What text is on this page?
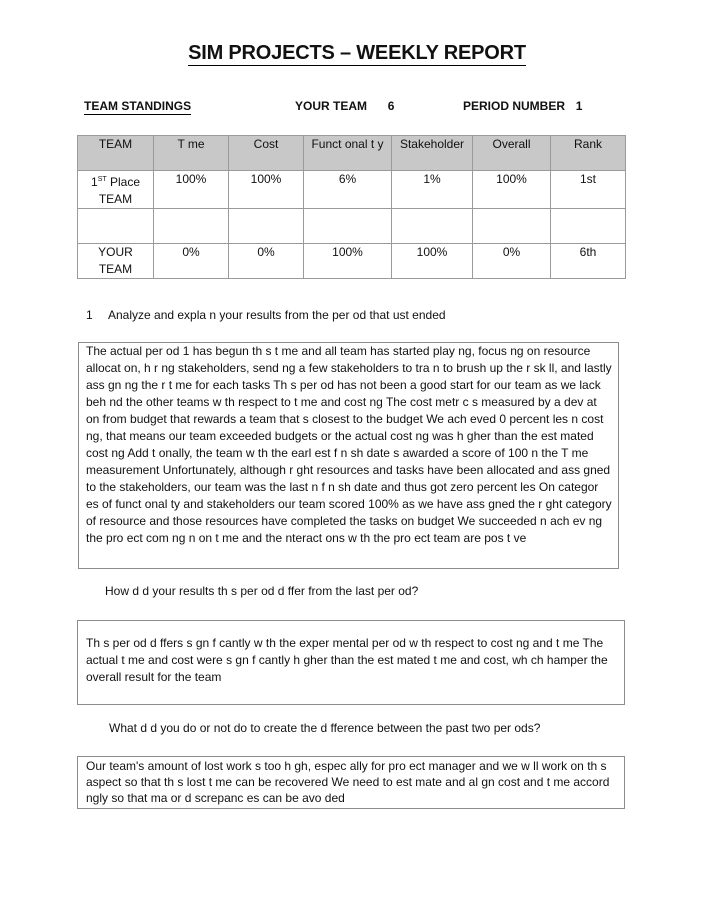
SIM PROJECTS – WEEKLY REPORT
TEAM STANDINGS	YOUR TEAM 6	PERIOD NUMBER 1
TEAM	T me	Cost	Funct onal t y	Stakeholder	Overall	Rank
1ST Place TEAM	100%	100%	6%	1%	100%	1st

YOUR TEAM	0%	0%	100%	100%	0%	6th
1 Analyze and expla n your results from the per od that ust ended
The actual per od 1 has begun th s t me and all team has started play ng, focus ng on resource allocat on, h r ng stakeholders, send ng a few stakeholders to tra n to brush up the r sk ll, and lastly ass gn ng the r t me for each tasks Th s per od has not been a good start for our team as we lack beh nd the other teams w th respect to t me and cost ng The cost metr c s measured by a dev at on from budget that rewards a team that s closest to the budget We ach eved 0 percent les n cost ng, that means our team exceeded budgets or the actual cost ng was h gher than the est mated cost ng Add t onally, the team w th the earl est f n sh date s awarded a score of 100 n the T me measurement Unfortunately, although r ght resources and tasks have been allocated and ass gned to the stakeholders, our team was the last n f n sh date and thus got zero percent les On categor es of funct onal ty and stakeholders our team scored 100% as we have ass gned the r ght category of resource and those resources have completed the tasks on budget We succeeded n ach ev ng the pro ect com ng n on t me and the nteract ons w th the pro ect team are pos t ve
How d d your results th s per od d ffer from the last per od?
Th s per od d ffers s gn f cantly w th the exper mental per od w th respect to cost ng and t me The actual t me and cost were s gn f cantly h gher than the est mated t me and cost, wh ch hamper the overall result for the team
What d d you do or not do to create the d fference between the past two per ods?
Our team's amount of lost work s too h gh, espec ally for pro ect manager and we w ll work on th s aspect so that th s lost t me can be recovered We need to est mate and al gn cost and t me accord ngly so that ma or d screpanc es can be avo ded
